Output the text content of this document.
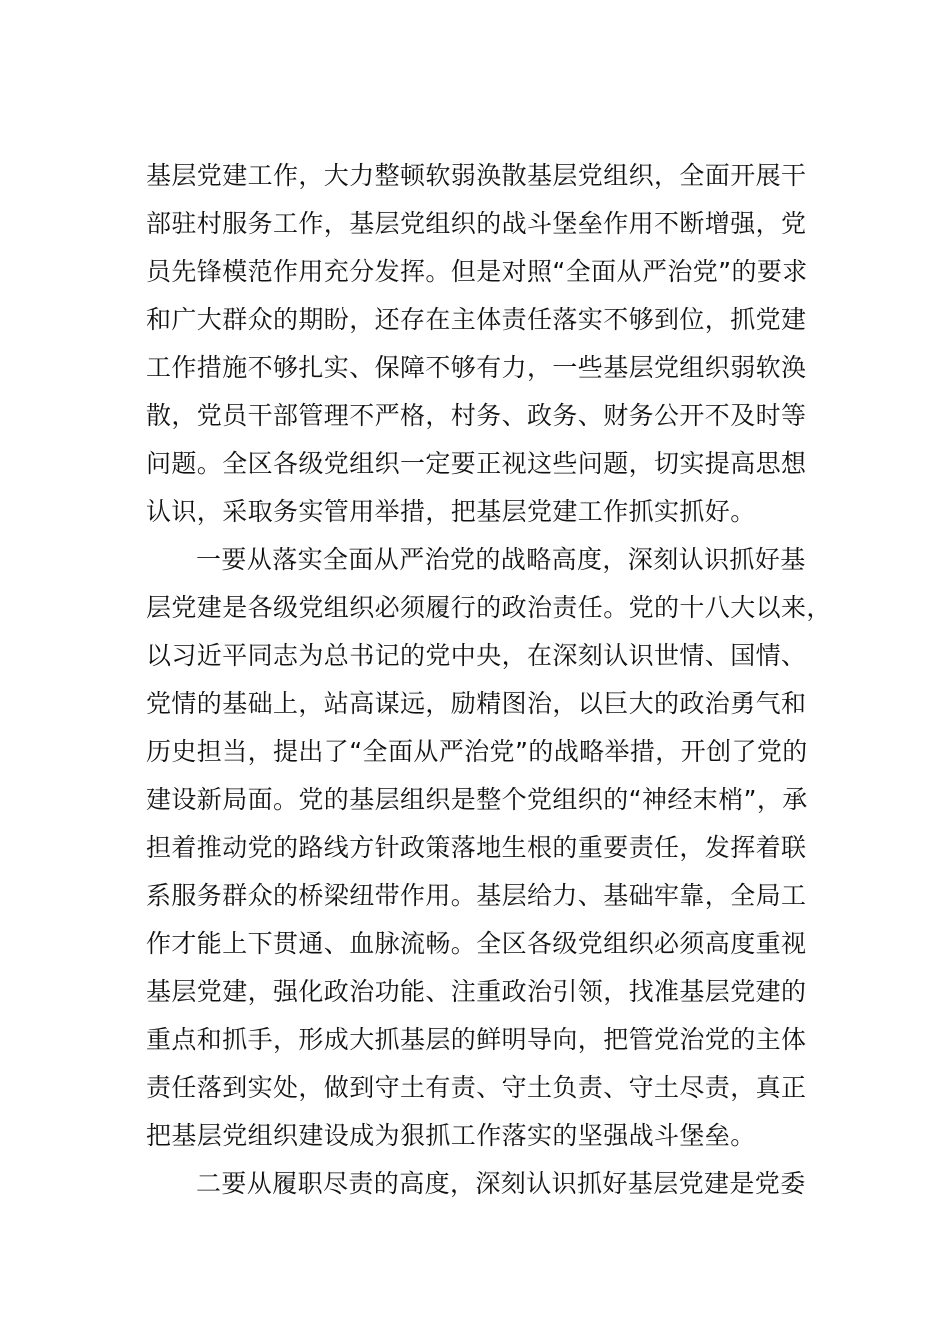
基层党建工作，大力整顿软弱涣散基层党组织，全面开展干
部驻村服务工作，基层党组织的战斗堡垒作用不断增强，党
员先锋模范作用充分发挥。但是对照“全面从严治党”的要求
和广大群众的期盼，还存在主体责任落实不够到位，抓党建
工作措施不够扎实、保障不够有力，一些基层党组织弱软涣
散，党员干部管理不严格，村务、政务、财务公开不及时等
问题。全区各级党组织一定要正视这些问题，切实提高思想
认识，采取务实管用举措，把基层党建工作抓实抓好。
一要从落实全面从严治党的战略高度，深刻认识抓好基
层党建是各级党组织必须履行的政治责任。党的十八大以来，
以习近平同志为总书记的党中央，在深刻认识世情、国情、
党情的基础上，站高谋远，励精图治，以巨大的政治勇气和
历史担当，提出了“全面从严治党”的战略举措，开创了党的
建设新局面。党的基层组织是整个党组织的“神经末梢”，承
担着推动党的路线方针政策落地生根的重要责任，发挥着联
系服务群众的桥梁纽带作用。基层给力、基础牢靠，全局工
作才能上下贯通、血脉流畅。全区各级党组织必须高度重视
基层党建，强化政治功能、注重政治引领，找准基层党建的
重点和抓手，形成大抓基层的鲜明导向，把管党治党的主体
责任落到实处，做到守土有责、守土负责、守土尽责，真正
把基层党组织建设成为狠抓工作落实的坚强战斗堡垒。
二要从履职尽责的高度，深刻认识抓好基层党建是党委
